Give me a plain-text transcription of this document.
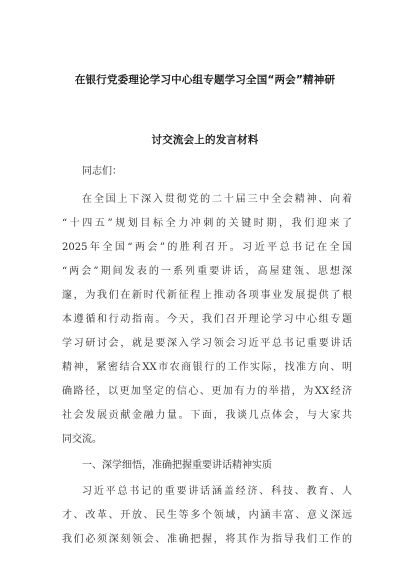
在银行党委理论学习中心组专题学习全国“两会”精神研
讨交流会上的发言材料
同志们：
在全国上下深入贯彻党的二十届三中全会精神、向着
“十四五”规划目标全力冲刺的关键时期，我们迎来了
2025年全国“两会”的胜利召开。习近平总书记在全国
“两会”期间发表的一系列重要讲话，高屋建瓴、思想深
邃，为我们在新时代新征程上推动各项事业发展提供了根
本遵循和行动指南。今天，我们召开理论学习中心组专题
学习研讨会，就是要深入学习领会习近平总书记重要讲话
精神，紧密结合XX市农商银行的工作实际，找准方向、明
确路径，以更加坚定的信心、更加有力的举措，为XX经济
社会发展贡献金融力量。下面，我谈几点体会，与大家共
同交流。
一、深学细悟，准确把握重要讲话精神实质
习近平总书记的重要讲话涵盖经济、科技、教育、人
才、改革、开放、民生等多个领域，内涵丰富、意义深远
我们必须深刻领会、准确把握，将其作为指导我们工作的
